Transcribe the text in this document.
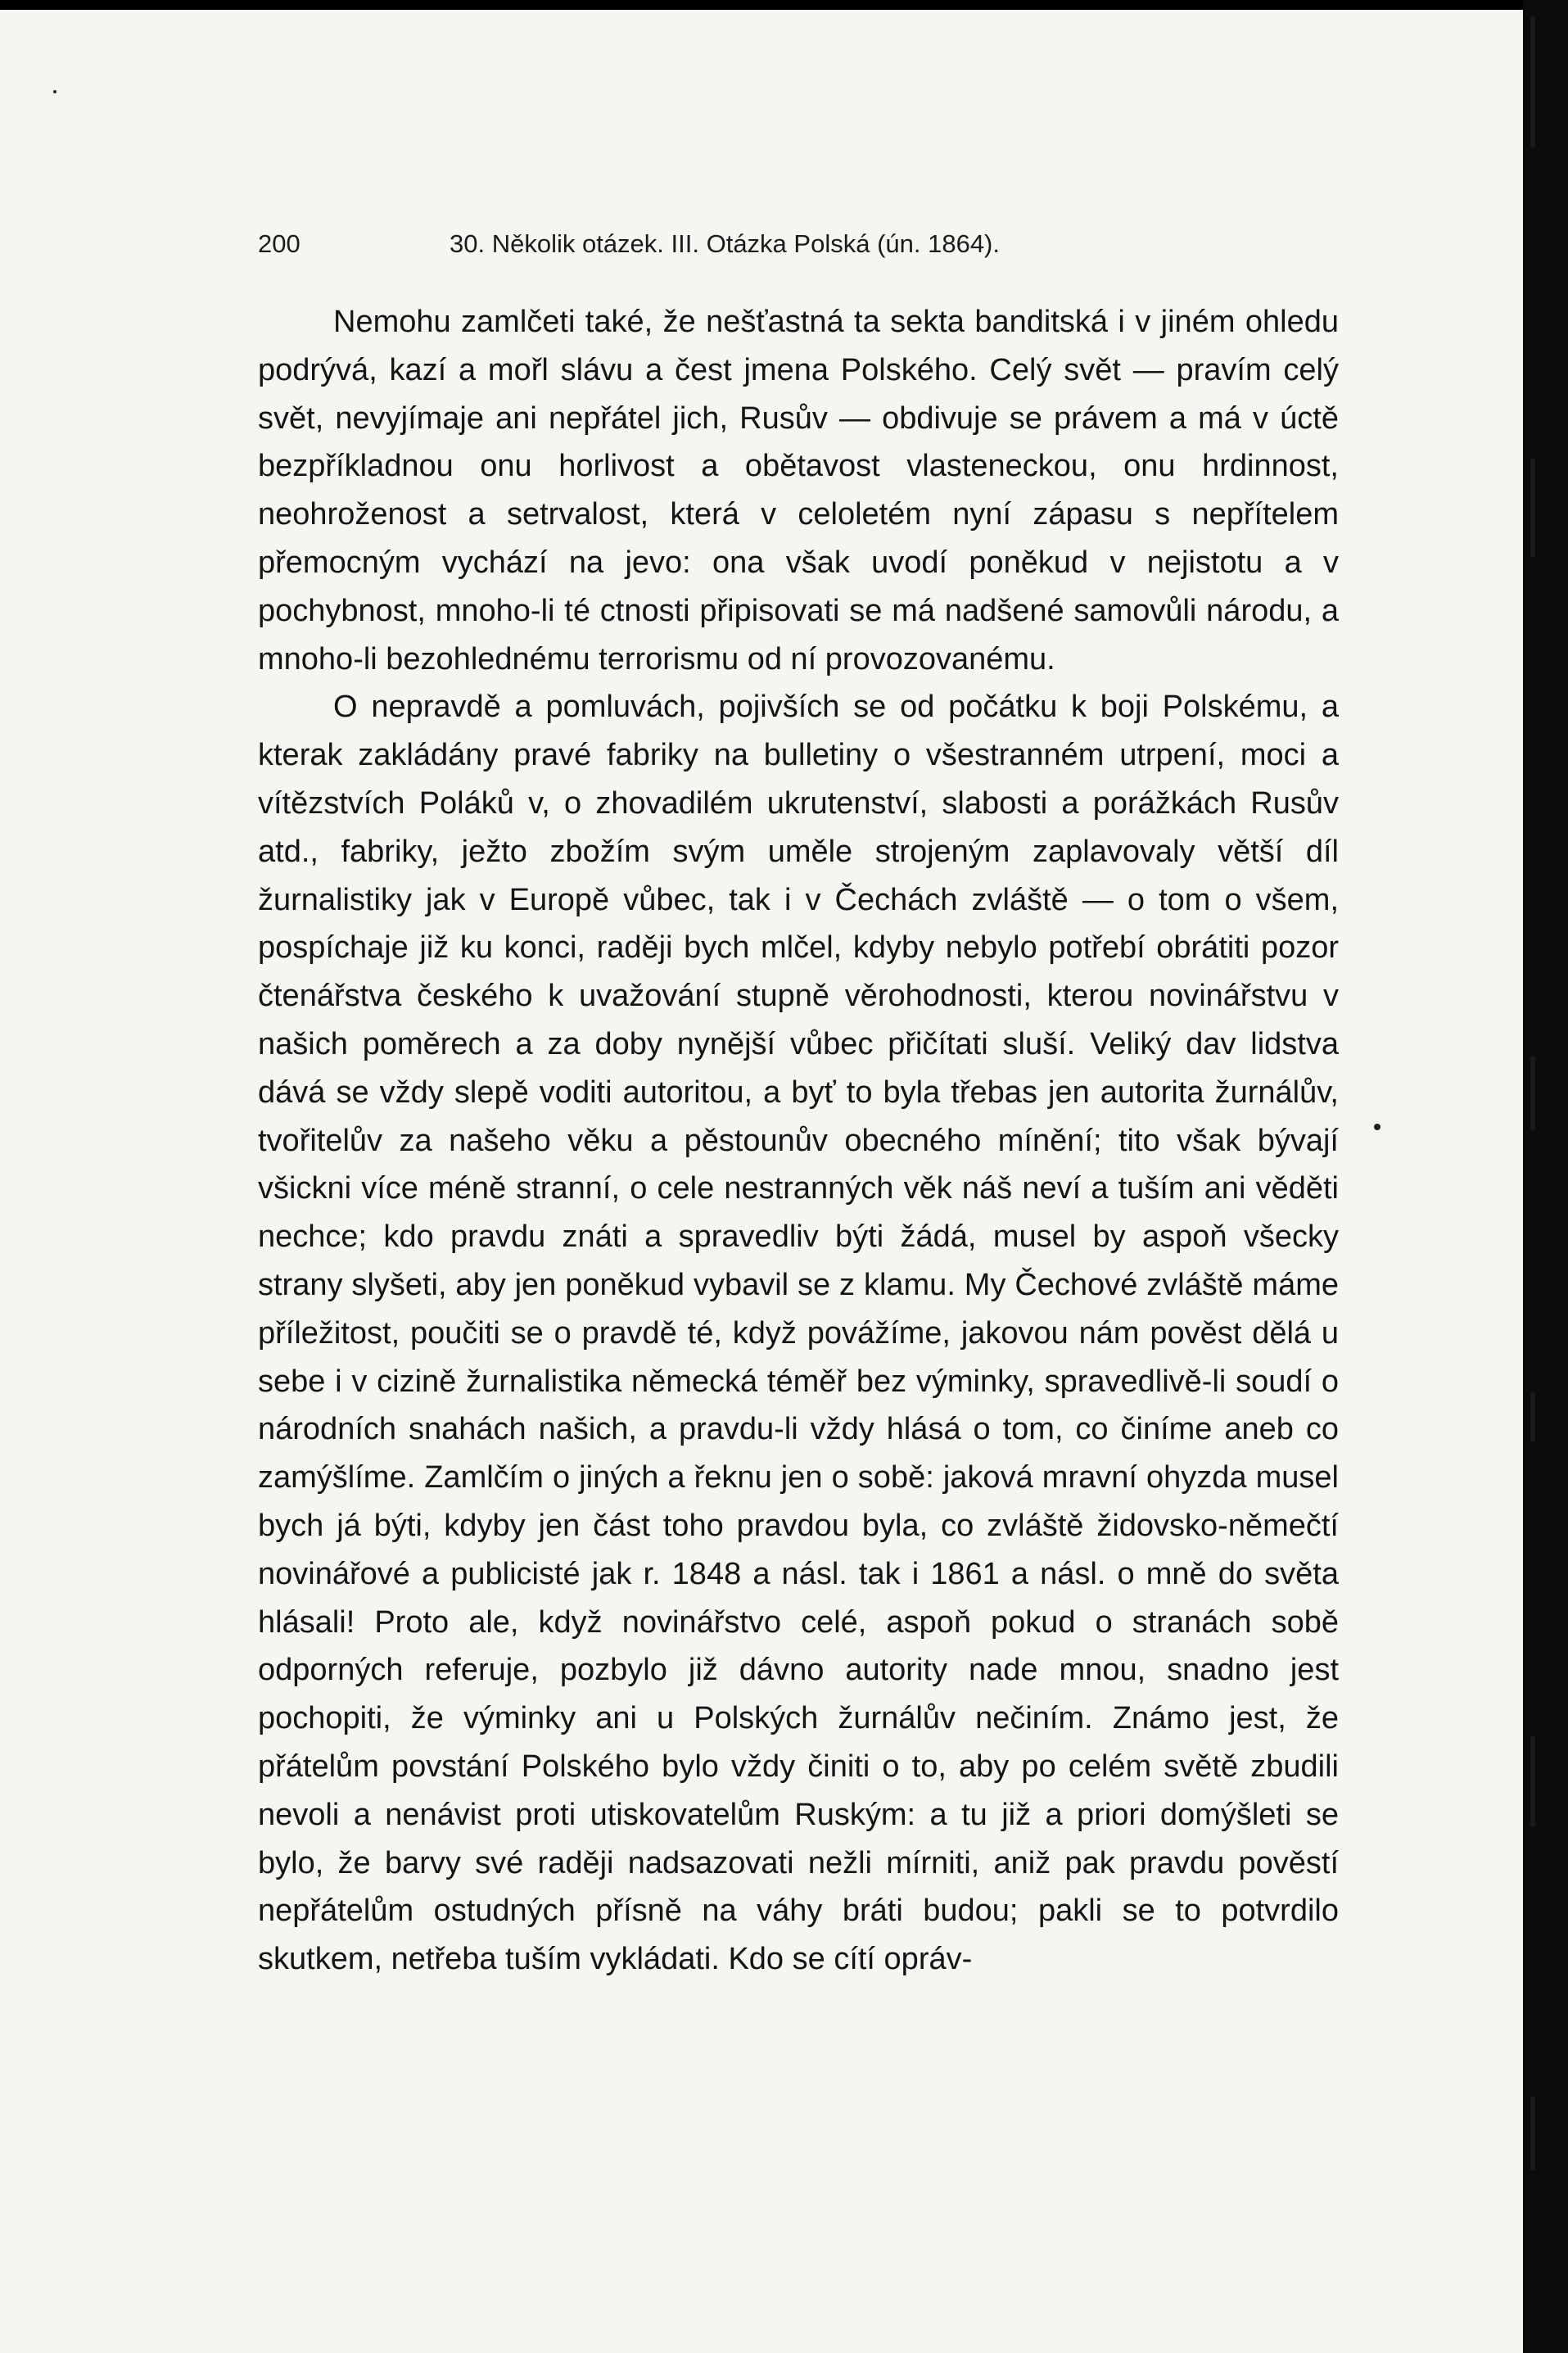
200	30. Několik otázek. III. Otázka Polská (ún. 1864).

Nemohu zamlčeti také, že nešťastná ta sekta banditská i v jiném ohledu podrývá, kazí a mořl slávu a čest jmena Polského. Celý svět — pravím celý svět, nevyjímaje ani nepřátel jich, Rusův — obdivuje se právem a má v úctě bezpříkladnou onu horlivost a obětavost vlasteneckou, onu hrdinnost, neohroženost a setrvalost, která v celoletém nyní zápasu s nepřítelem přemocným vychází na jevo: ona však uvodí poněkud v nejistotu a v pochybnost, mnoho-li té ctnosti připisovati se má nadšené samovůli národu, a mnoho-li bezohlednému terrorismu od ní provozovanému.

O nepravdě a pomluvách, pojivších se od počátku k boji Polskému, a kterak zakládány pravé fabriky na bulletiny o všestranném utrpení, moci a vítězstvích Poláků v, o zhovadilém ukrutenství, slabosti a porážkách Rusův atd., fabriky, ježto zbožím svým uměle strojeným zaplavovaly větší díl žurnalistiky jak v Europě vůbec, tak i v Čechách zvláště — o tom o všem, pospíchaje již ku konci, raději bych mlčel, kdyby nebylo potřebí obrátiti pozor čtenářstva českého k uvažování stupně věrohodnosti, kterou novinářstvu v našich poměrech a za doby nynější vůbec přičítati sluší. Veliký dav lidstva dává se vždy slepě voditi autoritou, a byť to byla třebas jen autorita žurnálův, tvořitelův za našeho věku a pěstounův obecného mínění; tito však bývají všickni více méně stranní, o cele nestranných věk náš neví a tuším ani věděti nechce; kdo pravdu znáti a spravedliv býti žádá, musel by aspoň všecky strany slyšeti, aby jen poněkud vybavil se z klamu. My Čechové zvláště máme příležitost, poučiti se o pravdě té, když povážíme, jakovou nám pověst dělá u sebe i v cizině žurnalistika německá téměř bez výminky, spravedlivě-li soudí o národních snahách našich, a pravdu-li vždy hlásá o tom, co činíme aneb co zamýšlíme. Zamlčím o jiných a řeknu jen o sobě: jaková mravní ohyzda musel bych já býti, kdyby jen část toho pravdou byla, co zvláště židovsko-němečtí novinářové a publicisté jak r. 1848 a násl. tak i 1861 a násl. o mně do světa hlásali! Proto ale, když novinářstvo celé, aspoň pokud o stranách sobě odporných referuje, pozbylo již dávno autority nade mnou, snadno jest pochopiti, že výminky ani u Polských žurnálův nečiním. Známo jest, že přátelům povstání Polského bylo vždy činiti o to, aby po celém světě zbudili nevoli a nenávist proti utiskovatelům Ruským: a tu již a priori domýšleti se bylo, že barvy své raději nadsazovati nežli mírniti, aniž pak pravdu pověstí nepřátelům ostudných přísně na váhy bráti budou; pakli se to potvrdilo skutkem, netřeba tuším vykládati. Kdo se cítí opráv-
